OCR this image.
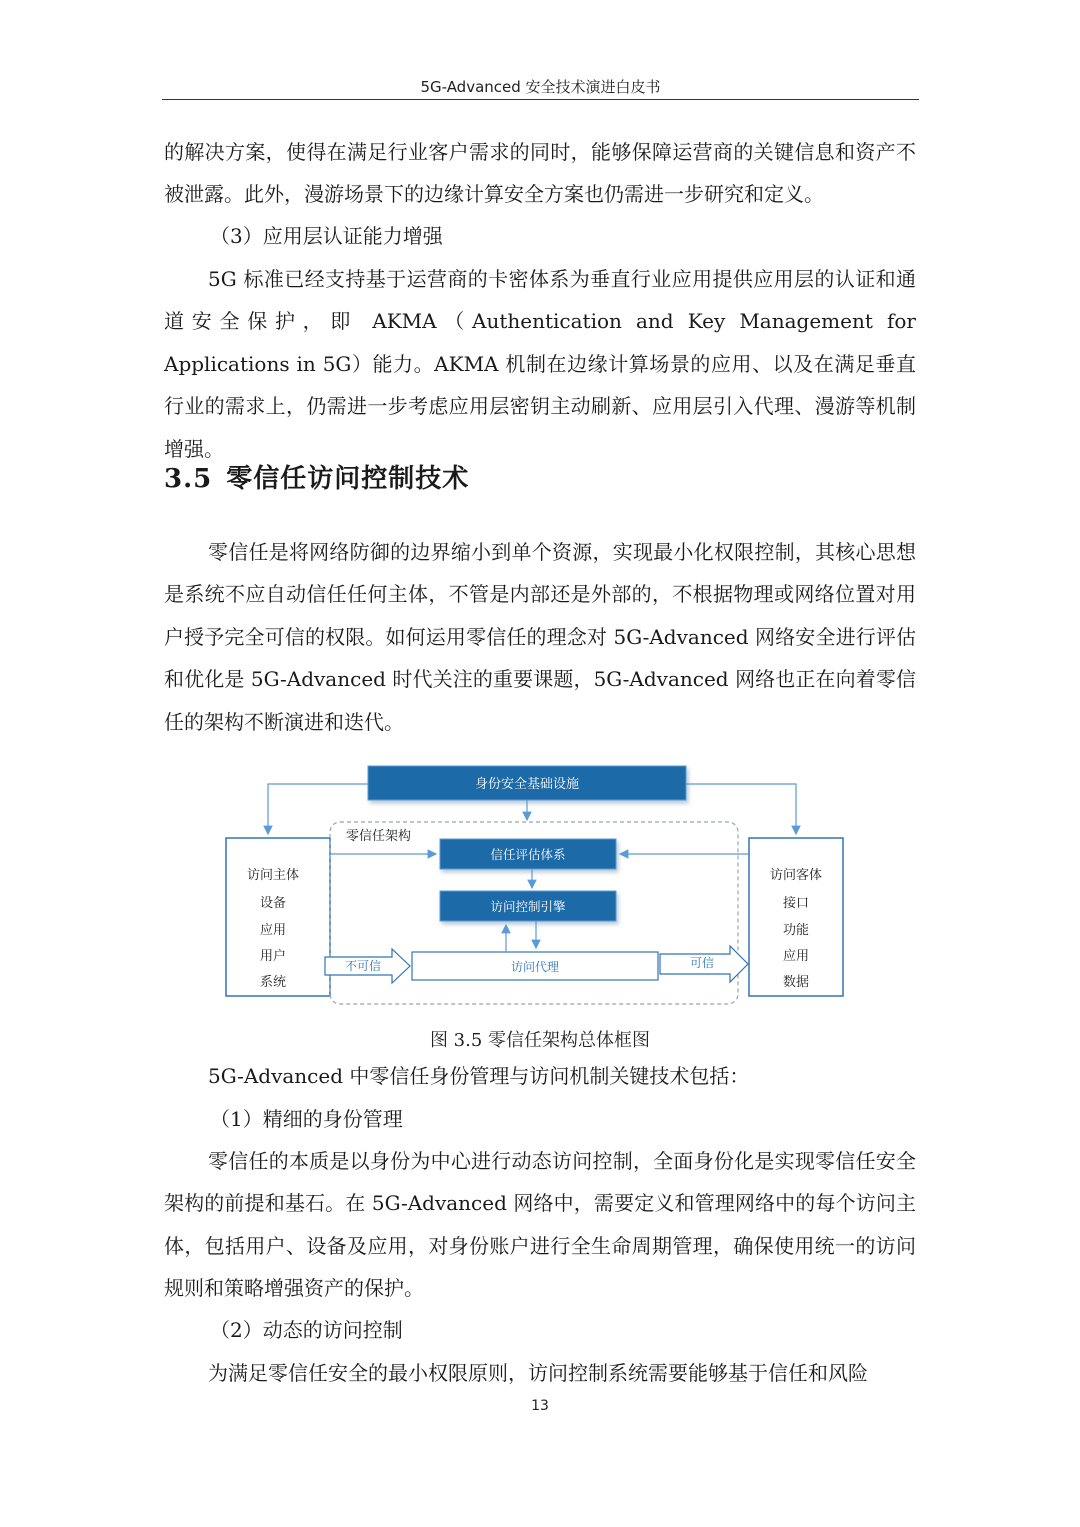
5G-Advanced 安全技术演进白皮书

的解决方案，使得在满足行业客户需求的同时，能够保障运营商的关键信息和资产不被泄露。此外，漫游场景下的边缘计算安全方案也仍需进一步研究和定义。

（3）应用层认证能力增强

5G 标准已经支持基于运营商的卡密体系为垂直行业应用提供应用层的认证和通道安全保护，即 AKMA（Authentication and Key Management for Applications in 5G）能力。AKMA 机制在边缘计算场景的应用、以及在满足垂直行业的需求上，仍需进一步考虑应用层密钥主动刷新、应用层引入代理、漫游等机制增强。

3.5 零信任访问控制技术

零信任是将网络防御的边界缩小到单个资源，实现最小化权限控制，其核心思想是系统不应自动信任任何主体，不管是内部还是外部的，不根据物理或网络位置对用户授予完全可信的权限。如何运用零信任的理念对 5G-Advanced 网络安全进行评估和优化是 5G-Advanced 时代关注的重要课题，5G-Advanced 网络也正在向着零信任的架构不断演进和迭代。

身份安全基础设施
访问主体
设备
应用
用户
系统
访问客体
接口
功能
应用
数据
零信任架构
信任评估体系
访问控制引擎
访问代理
不可信	可信
图 3.5 零信任架构总体框图

5G-Advanced 中零信任身份管理与访问机制关键技术包括：

（1）精细的身份管理

零信任的本质是以身份为中心进行动态访问控制，全面身份化是实现零信任安全架构的前提和基石。在 5G-Advanced 网络中，需要定义和管理网络中的每个访问主体，包括用户、设备及应用，对身份账户进行全生命周期管理，确保使用统一的访问规则和策略增强资产的保护。

（2）动态的访问控制

为满足零信任安全的最小权限原则，访问控制系统需要能够基于信任和风险

13
